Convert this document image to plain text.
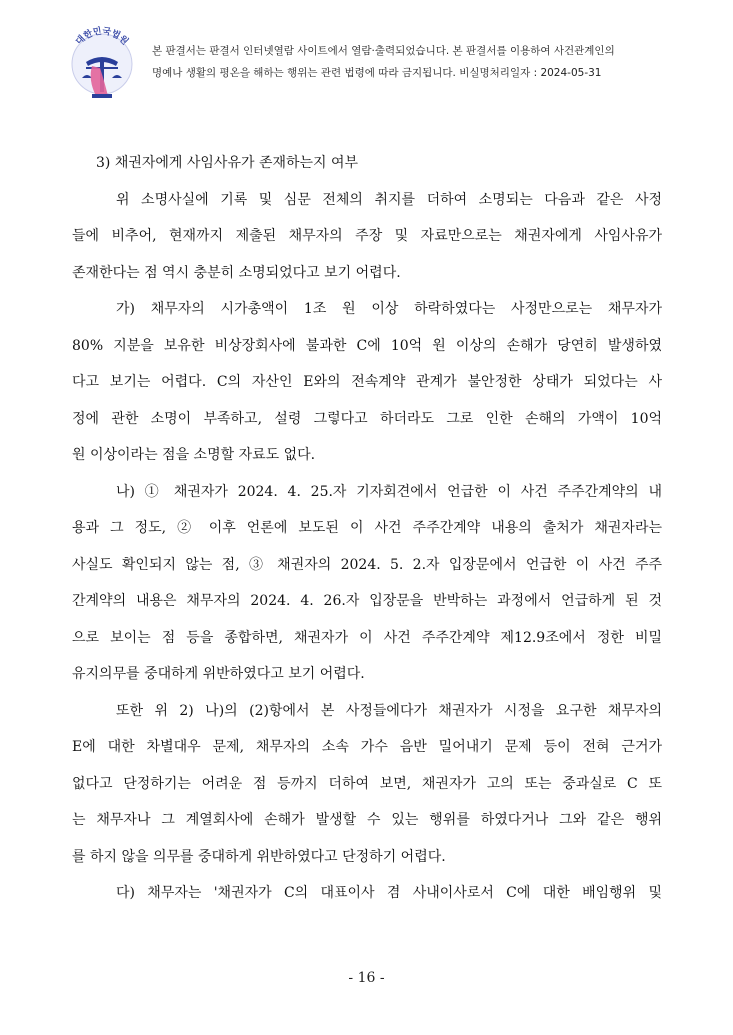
대한민국법원
본 판결서는 판결서 인터넷열람 사이트에서 열람·출력되었습니다. 본 판결서를 이용하여 사건관계인의
명예나 생활의 평온을 해하는 행위는 관련 법령에 따라 금지됩니다. 비실명처리일자 : 2024-05-31
3) 채권자에게 사임사유가 존재하는지 여부
위 소명사실에 기록 및 심문 전체의 취지를 더하여 소명되는 다음과 같은 사정
들에 비추어, 현재까지 제출된 채무자의 주장 및 자료만으로는 채권자에게 사임사유가
존재한다는 점 역시 충분히 소명되었다고 보기 어렵다.
가) 채무자의 시가총액이 1조 원 이상 하락하였다는 사정만으로는 채무자가
80% 지분을 보유한 비상장회사에 불과한 C에 10억 원 이상의 손해가 당연히 발생하였
다고 보기는 어렵다. C의 자산인 E와의 전속계약 관계가 불안정한 상태가 되었다는 사
정에 관한 소명이 부족하고, 설령 그렇다고 하더라도 그로 인한 손해의 가액이 10억
원 이상이라는 점을 소명할 자료도 없다.
나) ① 채권자가 2024. 4. 25.자 기자회견에서 언급한 이 사건 주주간계약의 내
용과 그 정도, ② 이후 언론에 보도된 이 사건 주주간계약 내용의 출처가 채권자라는
사실도 확인되지 않는 점, ③ 채권자의 2024. 5. 2.자 입장문에서 언급한 이 사건 주주
간계약의 내용은 채무자의 2024. 4. 26.자 입장문을 반박하는 과정에서 언급하게 된 것
으로 보이는 점 등을 종합하면, 채권자가 이 사건 주주간계약 제12.9조에서 정한 비밀
유지의무를 중대하게 위반하였다고 보기 어렵다.
또한 위 2) 나)의 (2)항에서 본 사정들에다가 채권자가 시정을 요구한 채무자의
E에 대한 차별대우 문제, 채무자의 소속 가수 음반 밀어내기 문제 등이 전혀 근거가
없다고 단정하기는 어려운 점 등까지 더하여 보면, 채권자가 고의 또는 중과실로 C 또
는 채무자나 그 계열회사에 손해가 발생할 수 있는 행위를 하였다거나 그와 같은 행위
를 하지 않을 의무를 중대하게 위반하였다고 단정하기 어렵다.
다) 채무자는 '채권자가 C의 대표이사 겸 사내이사로서 C에 대한 배임행위 및
- 16 -
